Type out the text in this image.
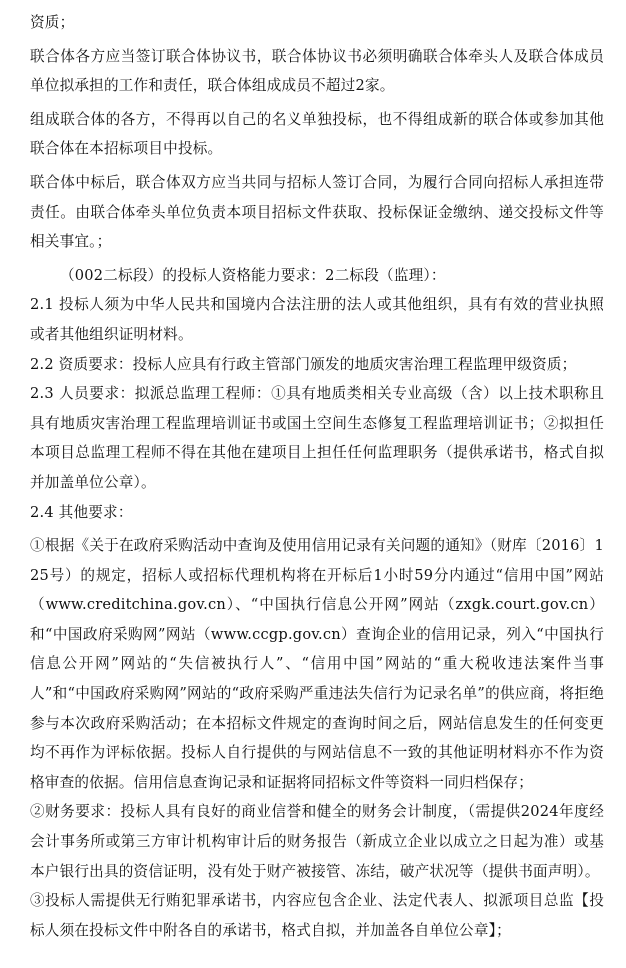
资质；

联合体各方应当签订联合体协议书，联合体协议书必须明确联合体牵头人及联合体成员单位拟承担的工作和责任，联合体组成成员不超过2家。

组成联合体的各方，不得再以自己的名义单独投标，也不得组成新的联合体或参加其他联合体在本招标项目中投标。

联合体中标后，联合体双方应当共同与招标人签订合同，为履行合同向招标人承担连带责任。由联合体牵头单位负责本项目招标文件获取、投标保证金缴纳、递交投标文件等相关事宜。；

（002二标段）的投标人资格能力要求：2二标段（监理）：

2.1 投标人须为中华人民共和国境内合法注册的法人或其他组织，具有有效的营业执照或者其他组织证明材料。

2.2 资质要求：投标人应具有行政主管部门颁发的地质灾害治理工程监理甲级资质；

2.3 人员要求：拟派总监理工程师：①具有地质类相关专业高级（含）以上技术职称且具有地质灾害治理工程监理培训证书或国土空间生态修复工程监理培训证书；②拟担任本项目总监理工程师不得在其他在建项目上担任任何监理职务（提供承诺书，格式自拟并加盖单位公章）。

2.4 其他要求：

①根据《关于在政府采购活动中查询及使用信用记录有关问题的通知》（财库〔2016〕125号）的规定，招标人或招标代理机构将在开标后1小时59分内通过“信用中国”网站（www.creditchina.gov.cn）、“中国执行信息公开网”网站（zxgk.court.gov.cn）和“中国政府采购网”网站（www.ccgp.gov.cn）查询企业的信用记录，列入“中国执行信息公开网”网站的“失信被执行人”、“信用中国”网站的“重大税收违法案件当事人”和“中国政府采购网”网站的“政府采购严重违法失信行为记录名单”的供应商，将拒绝参与本次政府采购活动；在本招标文件规定的查询时间之后，网站信息发生的任何变更均不再作为评标依据。投标人自行提供的与网站信息不一致的其他证明材料亦不作为资格审查的依据。信用信息查询记录和证据将同招标文件等资料一同归档保存；

②财务要求：投标人具有良好的商业信誉和健全的财务会计制度，（需提供2024年度经会计事务所或第三方审计机构审计后的财务报告（新成立企业以成立之日起为准）或基本户银行出具的资信证明，没有处于财产被接管、冻结，破产状况等（提供书面声明）。

③投标人需提供无行贿犯罪承诺书，内容应包含企业、法定代表人、拟派项目总监【投标人须在投标文件中附各自的承诺书，格式自拟，并加盖各自单位公章】；
